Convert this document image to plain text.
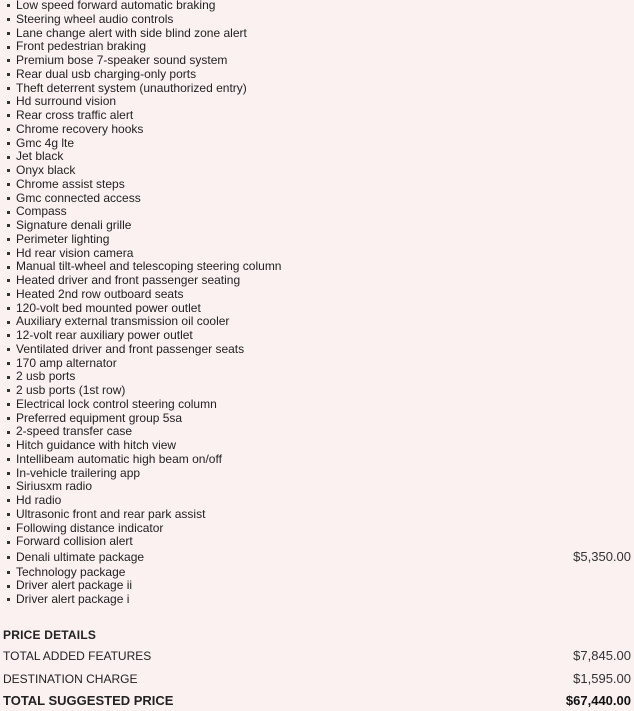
Low speed forward automatic braking
Steering wheel audio controls
Lane change alert with side blind zone alert
Front pedestrian braking
Premium bose 7-speaker sound system
Rear dual usb charging-only ports
Theft deterrent system (unauthorized entry)
Hd surround vision
Rear cross traffic alert
Chrome recovery hooks
Gmc 4g lte
Jet black
Onyx black
Chrome assist steps
Gmc connected access
Compass
Signature denali grille
Perimeter lighting
Hd rear vision camera
Manual tilt-wheel and telescoping steering column
Heated driver and front passenger seating
Heated 2nd row outboard seats
120-volt bed mounted power outlet
Auxiliary external transmission oil cooler
12-volt rear auxiliary power outlet
Ventilated driver and front passenger seats
170 amp alternator
2 usb ports
2 usb ports (1st row)
Electrical lock control steering column
Preferred equipment group 5sa
2-speed transfer case
Hitch guidance with hitch view
Intellibeam automatic high beam on/off
In-vehicle trailering app
Siriusxm radio
Hd radio
Ultrasonic front and rear park assist
Following distance indicator
Forward collision alert
Denali ultimate package	$5,350.00
Technology package
Driver alert package ii
Driver alert package i
PRICE DETAILS
TOTAL ADDED FEATURES	$7,845.00
DESTINATION CHARGE	$1,595.00
TOTAL SUGGESTED PRICE	$67,440.00
